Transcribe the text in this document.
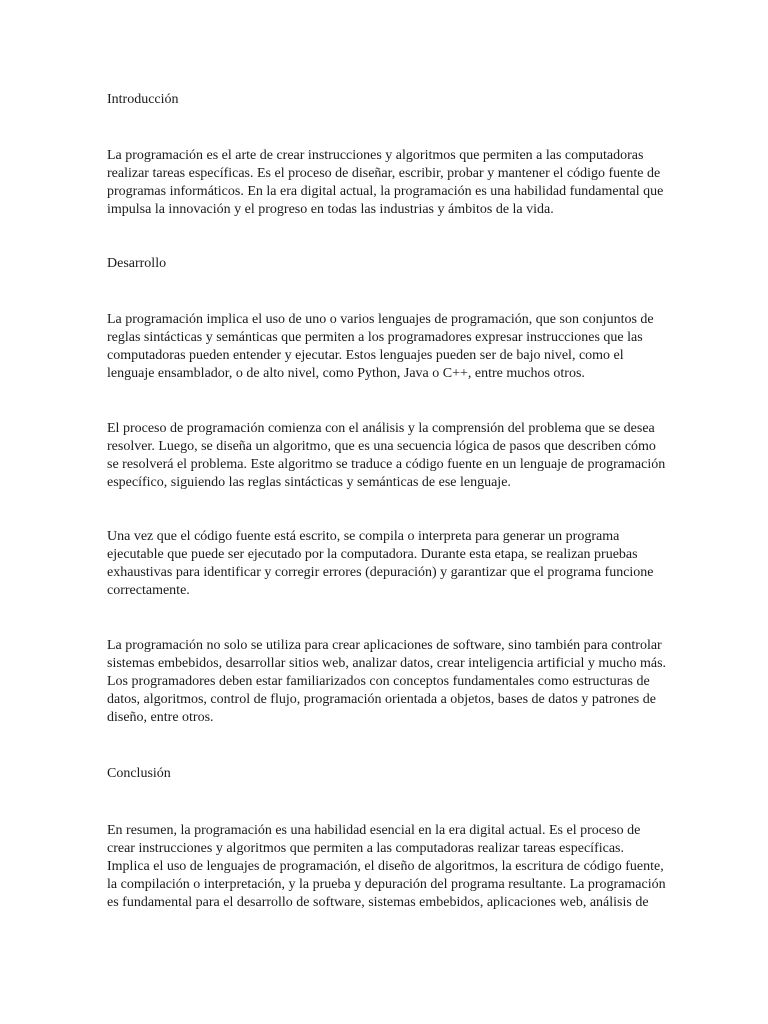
Introducción

La programación es el arte de crear instrucciones y algoritmos que permiten a las computadoras realizar tareas específicas. Es el proceso de diseñar, escribir, probar y mantener el código fuente de programas informáticos. En la era digital actual, la programación es una habilidad fundamental que impulsa la innovación y el progreso en todas las industrias y ámbitos de la vida.

Desarrollo

La programación implica el uso de uno o varios lenguajes de programación, que son conjuntos de reglas sintácticas y semánticas que permiten a los programadores expresar instrucciones que las computadoras pueden entender y ejecutar. Estos lenguajes pueden ser de bajo nivel, como el lenguaje ensamblador, o de alto nivel, como Python, Java o C++, entre muchos otros.

El proceso de programación comienza con el análisis y la comprensión del problema que se desea resolver. Luego, se diseña un algoritmo, que es una secuencia lógica de pasos que describen cómo se resolverá el problema. Este algoritmo se traduce a código fuente en un lenguaje de programación específico, siguiendo las reglas sintácticas y semánticas de ese lenguaje.

Una vez que el código fuente está escrito, se compila o interpreta para generar un programa ejecutable que puede ser ejecutado por la computadora. Durante esta etapa, se realizan pruebas exhaustivas para identificar y corregir errores (depuración) y garantizar que el programa funcione correctamente.

La programación no solo se utiliza para crear aplicaciones de software, sino también para controlar sistemas embebidos, desarrollar sitios web, analizar datos, crear inteligencia artificial y mucho más. Los programadores deben estar familiarizados con conceptos fundamentales como estructuras de datos, algoritmos, control de flujo, programación orientada a objetos, bases de datos y patrones de diseño, entre otros.

Conclusión

En resumen, la programación es una habilidad esencial en la era digital actual. Es el proceso de crear instrucciones y algoritmos que permiten a las computadoras realizar tareas específicas. Implica el uso de lenguajes de programación, el diseño de algoritmos, la escritura de código fuente, la compilación o interpretación, y la prueba y depuración del programa resultante. La programación es fundamental para el desarrollo de software, sistemas embebidos, aplicaciones web, análisis de
